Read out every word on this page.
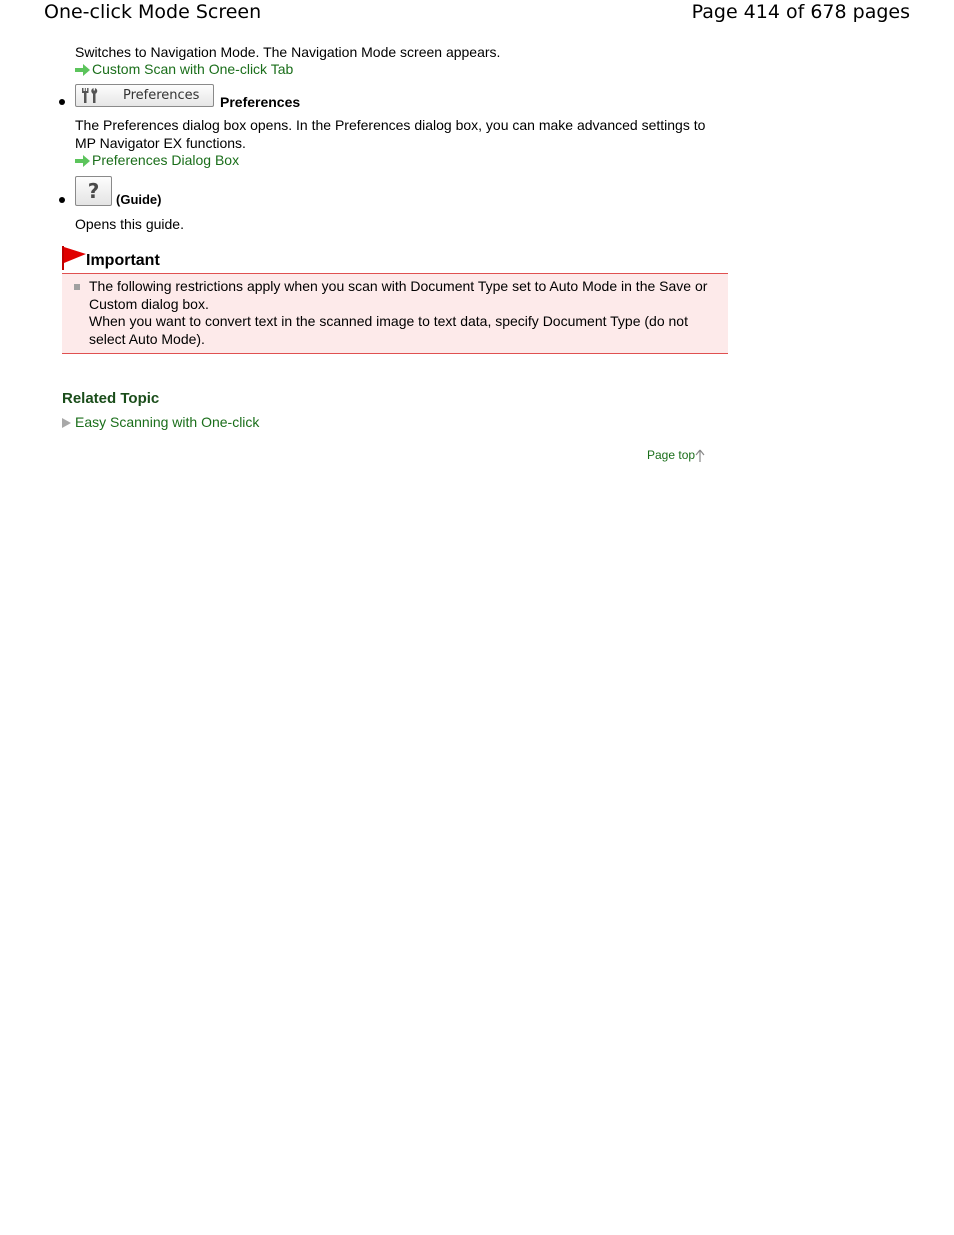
One-click Mode Screen	Page 414 of 678 pages
Switches to Navigation Mode. The Navigation Mode screen appears.
Custom Scan with One-click Tab
Preferences Preferences
The Preferences dialog box opens. In the Preferences dialog box, you can make advanced settings to MP Navigator EX functions.
Preferences Dialog Box
? (Guide)
Opens this guide.
Important
The following restrictions apply when you scan with Document Type set to Auto Mode in the Save or Custom dialog box.
When you want to convert text in the scanned image to text data, specify Document Type (do not select Auto Mode).
Related Topic
Easy Scanning with One-click
Page top
